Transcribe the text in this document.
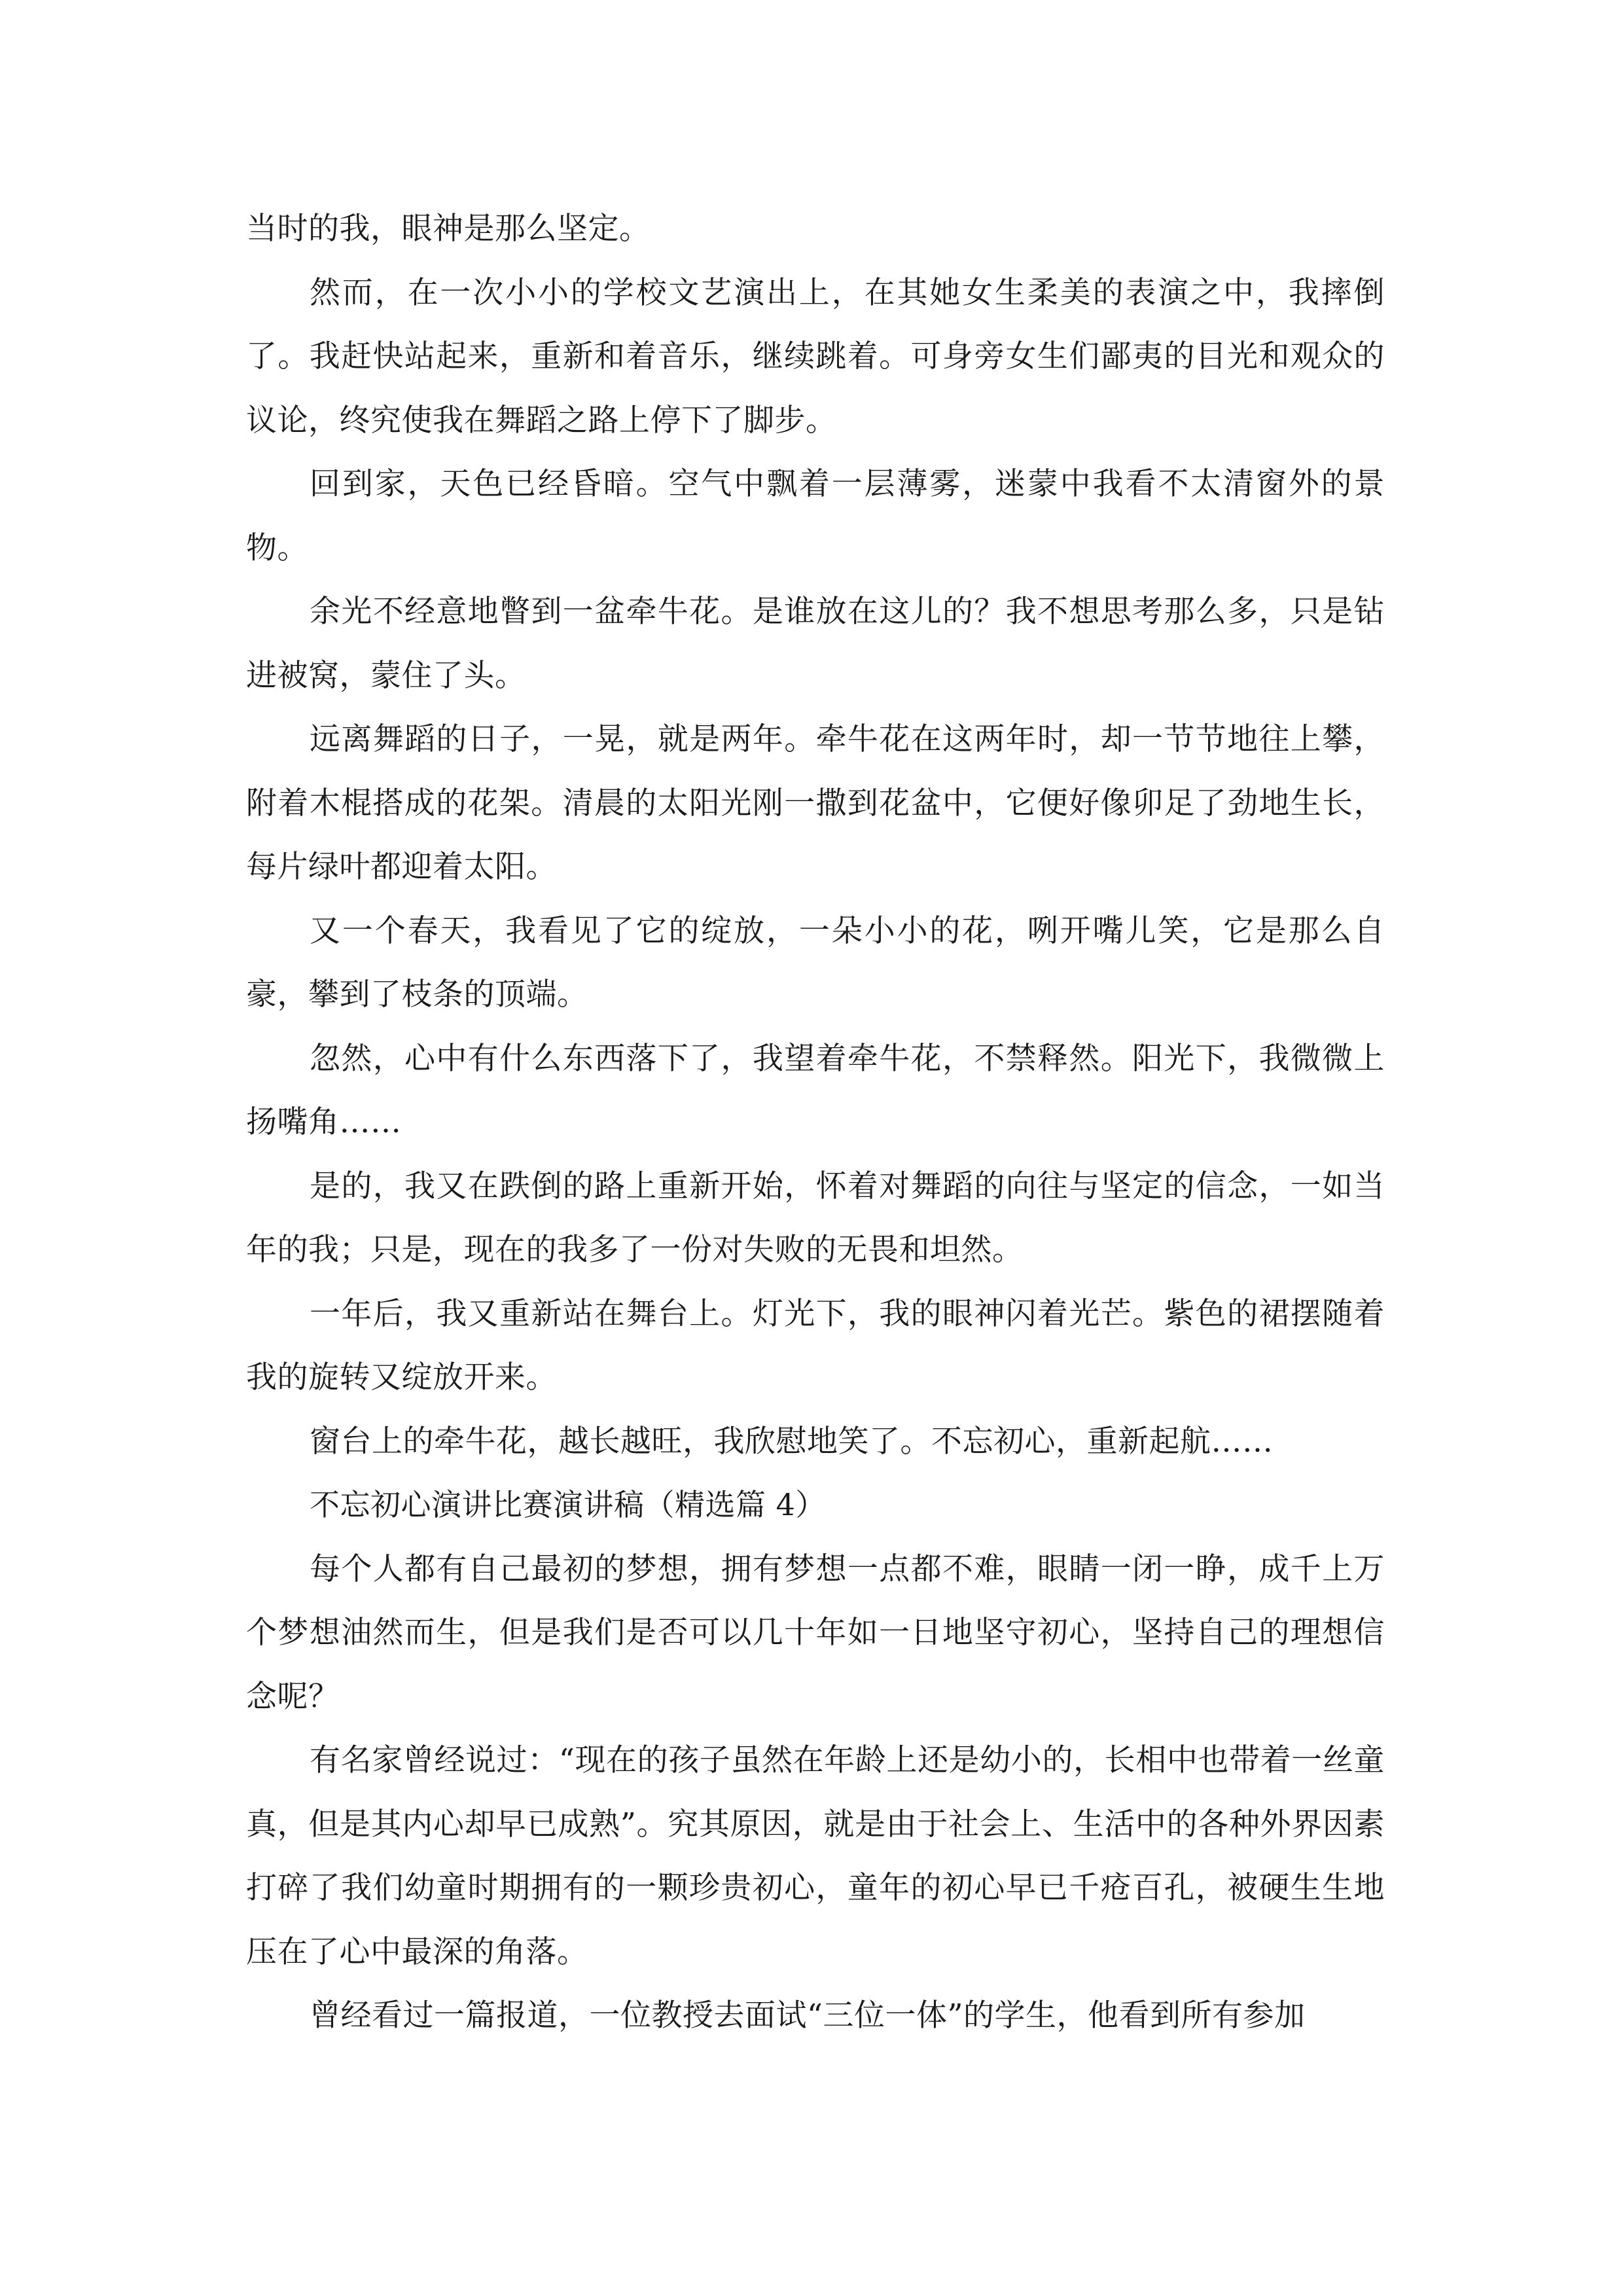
当时的我，眼神是那么坚定。

然而，在一次小小的学校文艺演出上，在其她女生柔美的表演之中，我摔倒了。我赶快站起来，重新和着音乐，继续跳着。可身旁女生们鄙夷的目光和观众的议论，终究使我在舞蹈之路上停下了脚步。

回到家，天色已经昏暗。空气中飘着一层薄雾，迷蒙中我看不太清窗外的景物。

余光不经意地瞥到一盆牵牛花。是谁放在这儿的？我不想思考那么多，只是钻进被窝，蒙住了头。

远离舞蹈的日子，一晃，就是两年。牵牛花在这两年时，却一节节地往上攀，附着木棍搭成的花架。清晨的太阳光刚一撒到花盆中，它便好像卯足了劲地生长，每片绿叶都迎着太阳。

又一个春天，我看见了它的绽放，一朵小小的花，咧开嘴儿笑，它是那么自豪，攀到了枝条的顶端。

忽然，心中有什么东西落下了，我望着牵牛花，不禁释然。阳光下，我微微上扬嘴角……

是的，我又在跌倒的路上重新开始，怀着对舞蹈的向往与坚定的信念，一如当年的我；只是，现在的我多了一份对失败的无畏和坦然。

一年后，我又重新站在舞台上。灯光下，我的眼神闪着光芒。紫色的裙摆随着我的旋转又绽放开来。

窗台上的牵牛花，越长越旺，我欣慰地笑了。不忘初心，重新起航……

不忘初心演讲比赛演讲稿（精选篇 4）

每个人都有自己最初的梦想，拥有梦想一点都不难，眼睛一闭一睁，成千上万个梦想油然而生，但是我们是否可以几十年如一日地坚守初心，坚持自己的理想信念呢？

有名家曾经说过：“现在的孩子虽然在年龄上还是幼小的，长相中也带着一丝童真，但是其内心却早已成熟”。究其原因，就是由于社会上、生活中的各种外界因素打碎了我们幼童时期拥有的一颗珍贵初心，童年的初心早已千疮百孔，被硬生生地压在了心中最深的角落。

曾经看过一篇报道，一位教授去面试“三位一体”的学生，他看到所有参加
